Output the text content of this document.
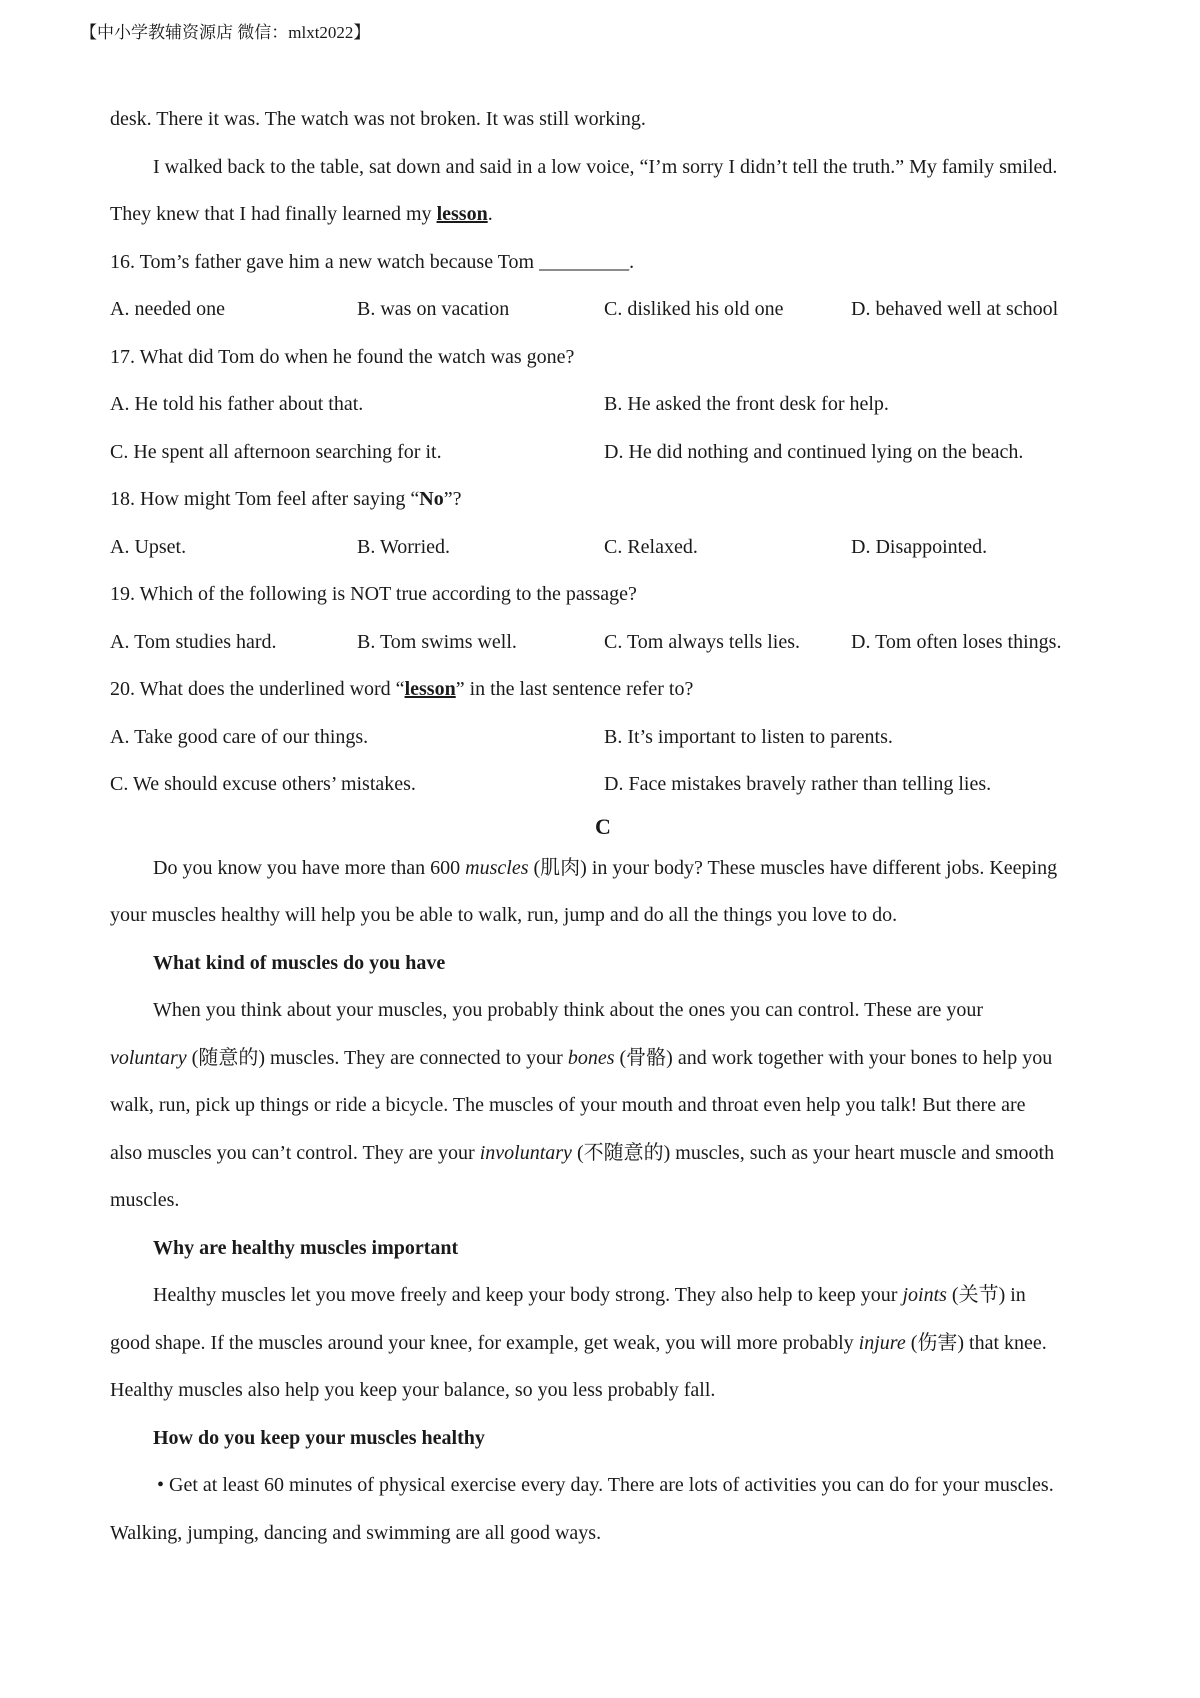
【中小学教辅资源店 微信：mlxt2022】
desk. There it was. The watch was not broken. It was still working.
I walked back to the table, sat down and said in a low voice, “I’m sorry I didn’t tell the truth.” My family smiled.
They knew that I had finally learned my lesson.
16. Tom’s father gave him a new watch because Tom _________.
A. needed one	B. was on vacation	C. disliked his old one	D. behaved well at school
17. What did Tom do when he found the watch was gone?
A. He told his father about that.	B. He asked the front desk for help.
C. He spent all afternoon searching for it.	D. He did nothing and continued lying on the beach.
18. How might Tom feel after saying “No”?
A. Upset.	B. Worried.	C. Relaxed.	D. Disappointed.
19. Which of the following is NOT true according to the passage?
A. Tom studies hard.	B. Tom swims well.	C. Tom always tells lies.	D. Tom often loses things.
20. What does the underlined word “lesson” in the last sentence refer to?
A. Take good care of our things.	B. It’s important to listen to parents.
C. We should excuse others’ mistakes.	D. Face mistakes bravely rather than telling lies.
C
Do you know you have more than 600 muscles (肌肉) in your body? These muscles have different jobs. Keeping
your muscles healthy will help you be able to walk, run, jump and do all the things you love to do.
What kind of muscles do you have
When you think about your muscles, you probably think about the ones you can control. These are your
voluntary (随意的) muscles. They are connected to your bones (骨骼) and work together with your bones to help you
walk, run, pick up things or ride a bicycle. The muscles of your mouth and throat even help you talk! But there are
also muscles you can’t control. They are your involuntary (不随意的) muscles, such as your heart muscle and smooth
muscles.
Why are healthy muscles important
Healthy muscles let you move freely and keep your body strong. They also help to keep your joints (关节) in
good shape. If the muscles around your knee, for example, get weak, you will more probably injure (伤害) that knee.
Healthy muscles also help you keep your balance, so you less probably fall.
How do you keep your muscles healthy
• Get at least 60 minutes of physical exercise every day. There are lots of activities you can do for your muscles.
Walking, jumping, dancing and swimming are all good ways.
